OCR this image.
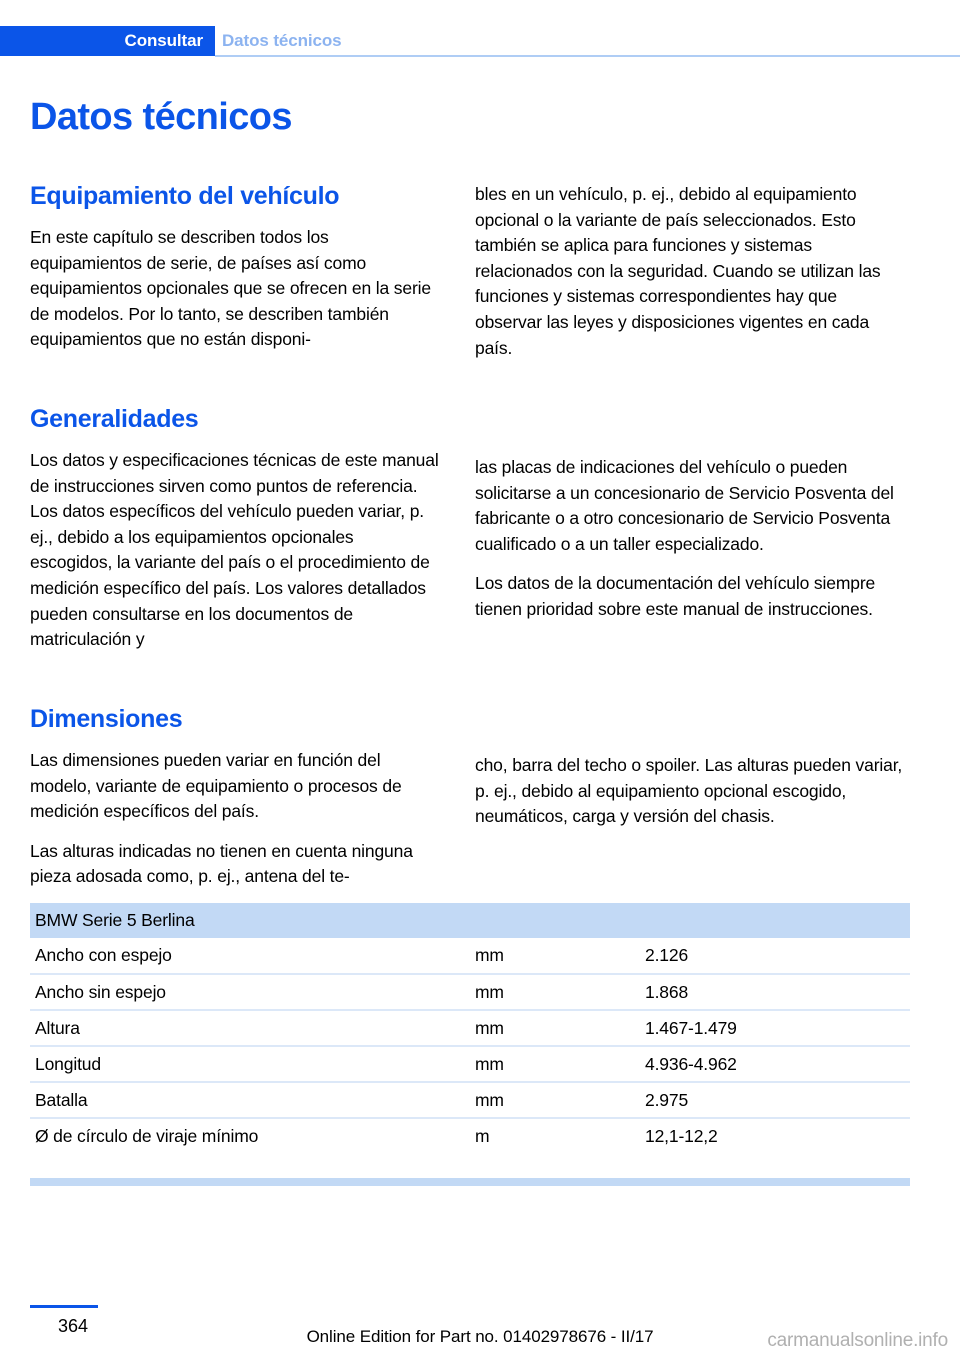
Consultar	Datos técnicos
Datos técnicos
Equipamiento del vehículo

En este capítulo se describen todos los equipamientos de serie, de países así como equipamientos opcionales que se ofrecen en la serie de modelos. Por lo tanto, se describen también equipamientos que no están disponi-

bles en un vehículo, p. ej., debido al equipamiento opcional o la variante de país seleccionados. Esto también se aplica para funciones y sistemas relacionados con la seguridad. Cuando se utilizan las funciones y sistemas correspondientes hay que observar las leyes y disposiciones vigentes en cada país.

Generalidades

Los datos y especificaciones técnicas de este manual de instrucciones sirven como puntos de referencia. Los datos específicos del vehículo pueden variar, p. ej., debido a los equipamientos opcionales escogidos, la variante del país o el procedimiento de medición específico del país. Los valores detallados pueden consultarse en los documentos de matriculación y

las placas de indicaciones del vehículo o pueden solicitarse a un concesionario de Servicio Posventa del fabricante o a otro concesionario de Servicio Posventa cualificado o a un taller especializado.

Los datos de la documentación del vehículo siempre tienen prioridad sobre este manual de instrucciones.

Dimensiones

Las dimensiones pueden variar en función del modelo, variante de equipamiento o procesos de medición específicos del país.

Las alturas indicadas no tienen en cuenta ninguna pieza adosada como, p. ej., antena del te-

cho, barra del techo o spoiler. Las alturas pueden variar, p. ej., debido al equipamiento opcional escogido, neumáticos, carga y versión del chasis.

BMW Serie 5 Berlina		
Ancho con espejo	mm	2.126
Ancho sin espejo	mm	1.868
Altura	mm	1.467-1.479
Longitud	mm	4.936-4.962
Batalla	mm	2.975
Ø de círculo de viraje mínimo	m	12,1-12,2
364
Online Edition for Part no. 01402978676 - II/17	carmanualsonline.info
